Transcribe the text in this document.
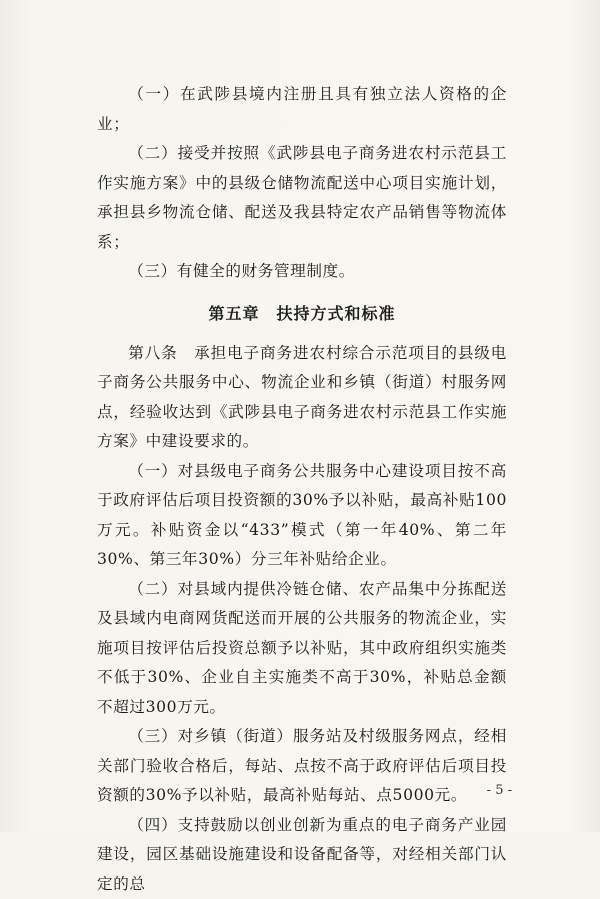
（一）在武陟县境内注册且具有独立法人资格的企业；

（二）接受并按照《武陟县电子商务进农村示范县工作实施方案》中的县级仓储物流配送中心项目实施计划，承担县乡物流仓储、配送及我县特定农产品销售等物流体系；

（三）有健全的财务管理制度。

第五章　扶持方式和标准

第八条　承担电子商务进农村综合示范项目的县级电子商务公共服务中心、物流企业和乡镇（街道）村服务网点，经验收达到《武陟县电子商务进农村示范县工作实施方案》中建设要求的。

（一）对县级电子商务公共服务中心建设项目按不高于政府评估后项目投资额的30%予以补贴，最高补贴100万元。补贴资金以“433”模式（第一年40%、第二年30%、第三年30%）分三年补贴给企业。

（二）对县域内提供冷链仓储、农产品集中分拣配送及县域内电商网货配送而开展的公共服务的物流企业，实施项目按评估后投资总额予以补贴，其中政府组织实施类不低于30%、企业自主实施类不高于30%，补贴总金额不超过300万元。

（三）对乡镇（街道）服务站及村级服务网点，经相关部门验收合格后，每站、点按不高于政府评估后项目投资额的30%予以补贴，最高补贴每站、点5000元。

（四）支持鼓励以创业创新为重点的电子商务产业园建设，园区基础设施建设和设备配备等，对经相关部门认定的总

- 5 -
